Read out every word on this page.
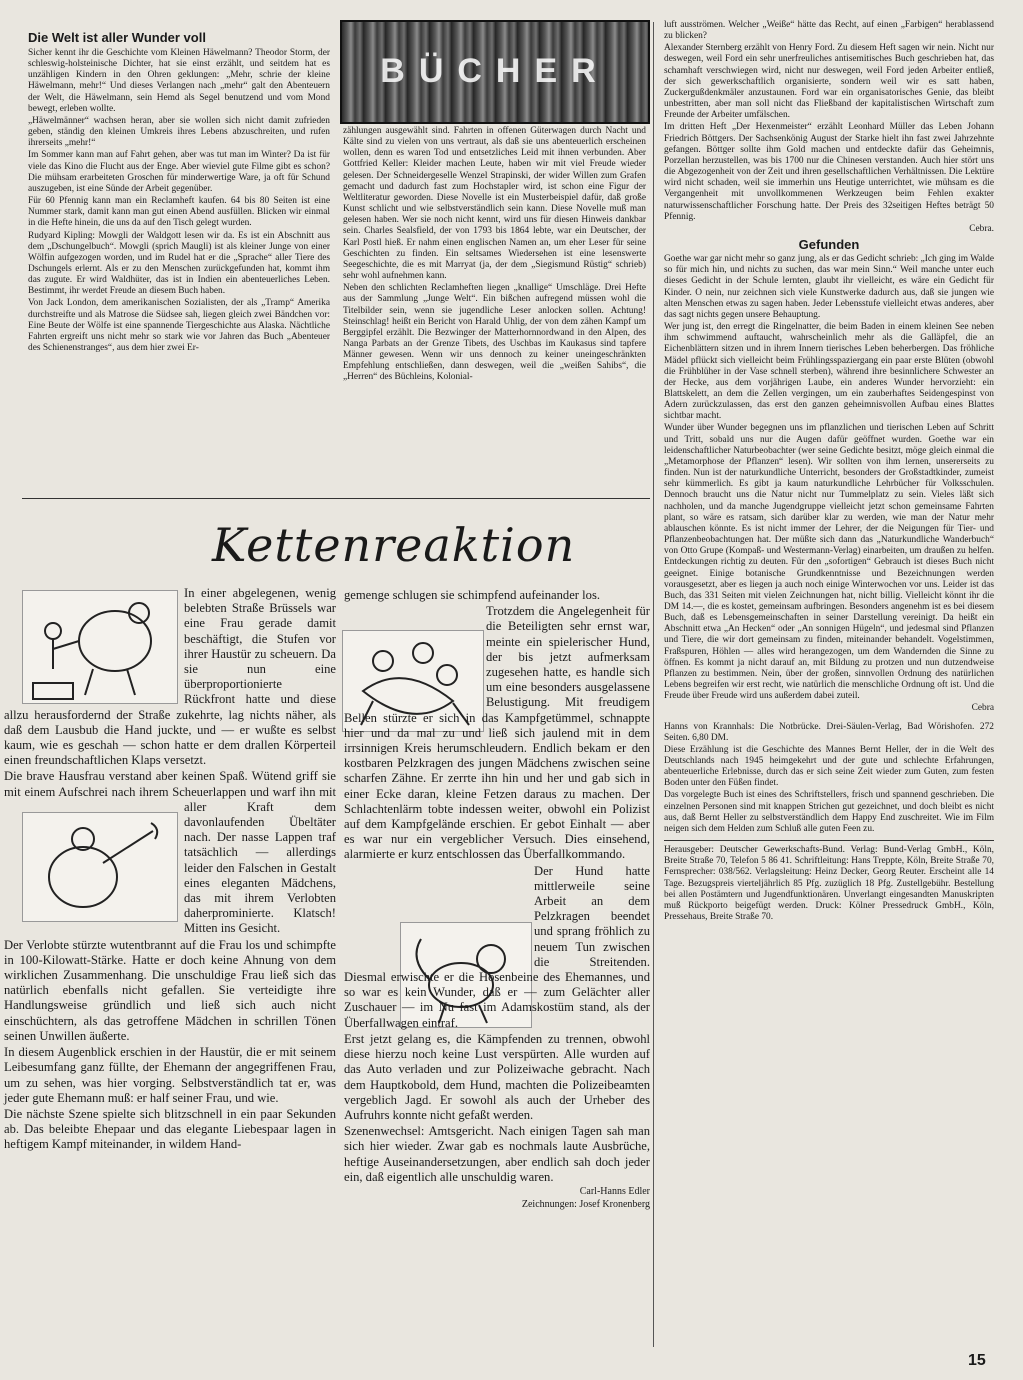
Die Welt ist aller Wunder voll

Sicher kennt ihr die Geschichte vom Kleinen Häwelmann? Theodor Storm, der schleswig-holsteinische Dichter, hat sie einst erzählt, und seitdem hat es unzähligen Kindern in den Ohren geklungen: „Mehr, schrie der kleine Häwelmann, mehr!“ Und dieses Verlangen nach „mehr“ galt den Abenteuern der Welt, die Häwelmann, sein Hemd als Segel benutzend und vom Mond bewegt, erleben wollte.

„Häwelmänner“ wachsen heran, aber sie wollen sich nicht damit zufrieden geben, ständig den kleinen Umkreis ihres Lebens abzuschreiten, und rufen ihrerseits „mehr!“

Im Sommer kann man auf Fahrt gehen, aber was tut man im Winter? Da ist für viele das Kino die Flucht aus der Enge. Aber wieviel gute Filme gibt es schon? Die mühsam erarbeiteten Groschen für minderwertige Ware, ja oft für Schund auszugeben, ist eine Sünde der Arbeit gegenüber.

Für 60 Pfennig kann man ein Reclamheft kaufen. 64 bis 80 Seiten ist eine Nummer stark, damit kann man gut einen Abend ausfüllen. Blicken wir einmal in die Hefte hinein, die uns da auf den Tisch gelegt wurden.

Rudyard Kipling: Mowgli der Waldgott lesen wir da. Es ist ein Abschnitt aus dem „Dschungelbuch“. Mowgli (sprich Maugli) ist als kleiner Junge von einer Wölfin aufgezogen worden, und im Rudel hat er die „Sprache“ aller Tiere des Dschungels erlernt. Als er zu den Menschen zurückgefunden hat, kommt ihm das zugute. Er wird Waldhüter, das ist in Indien ein abenteuerliches Leben. Bestimmt, ihr werdet Freude an diesem Buch haben.

Von Jack London, dem amerikanischen Sozialisten, der als „Tramp“ Amerika durchstreifte und als Matrose die Südsee sah, liegen gleich zwei Bändchen vor: Eine Beute der Wölfe ist eine spannende Tiergeschichte aus Alaska. Nächtliche Fahrten ergreift uns nicht mehr so stark wie vor Jahren das Buch „Abenteuer des Schienenstranges“, aus dem hier zwei Er-

BÜCHER

zählungen ausgewählt sind. Fahrten in offenen Güterwagen durch Nacht und Kälte sind zu vielen von uns vertraut, als daß sie uns abenteuerlich erscheinen wollen, denn es waren Tod und entsetzliches Leid mit ihnen verbunden. Aber Gottfried Keller: Kleider machen Leute, haben wir mit viel Freude wieder gelesen. Der Schneidergeselle Wenzel Strapinski, der wider Willen zum Grafen gemacht und dadurch fast zum Hochstapler wird, ist schon eine Figur der Weltliteratur geworden. Diese Novelle ist ein Musterbeispiel dafür, daß große Kunst schlicht und wie selbstverständlich sein kann. Diese Novelle muß man gelesen haben. Wer sie noch nicht kennt, wird uns für diesen Hinweis dankbar sein. Charles Sealsfield, der von 1793 bis 1864 lebte, war ein Deutscher, der Karl Postl hieß. Er nahm einen englischen Namen an, um eher Leser für seine Geschichten zu finden. Ein seltsames Wiedersehen ist eine lesenswerte Seegeschichte, die es mit Marryat (ja, der dem „Siegismund Rüstig“ schrieb) sehr wohl aufnehmen kann.

Neben den schlichten Reclamheften liegen „knallige“ Umschläge. Drei Hefte aus der Sammlung „Junge Welt“. Ein bißchen aufregend müssen wohl die Titelbilder sein, wenn sie jugendliche Leser anlocken sollen. Achtung! Steinschlag! heißt ein Bericht von Harald Uhlig, der von dem zähen Kampf um Berggipfel erzählt. Die Bezwinger der Matterhornnordwand in den Alpen, des Nanga Parbats an der Grenze Tibets, des Uschbas im Kaukasus sind tapfere Männer gewesen. Wenn wir uns dennoch zu keiner uneingeschränkten Empfehlung entschließen, dann deswegen, weil die „weißen Sahibs“, die „Herren“ des Büchleins, Kolonial-

luft ausströmen. Welcher „Weiße“ hätte das Recht, auf einen „Farbigen“ herablassend zu blicken?

Alexander Sternberg erzählt von Henry Ford. Zu diesem Heft sagen wir nein. Nicht nur deswegen, weil Ford ein sehr unerfreuliches antisemitisches Buch geschrieben hat, das schamhaft verschwiegen wird, nicht nur deswegen, weil Ford jeden Arbeiter entließ, der sich gewerkschaftlich organisierte, sondern weil wir es satt haben, Zuckergußdenkmäler anzustaunen. Ford war ein organisatorisches Genie, das bleibt unbestritten, aber man soll nicht das Fließband der kapitalistischen Wirtschaft zum Freunde der Arbeiter umfälschen.

Im dritten Heft „Der Hexenmeister“ erzählt Leonhard Müller das Leben Johann Friedrich Böttgers. Der Sachsenkönig August der Starke hielt ihn fast zwei Jahrzehnte gefangen. Böttger sollte ihm Gold machen und entdeckte dafür das Geheimnis, Porzellan herzustellen, was bis 1700 nur die Chinesen verstanden. Auch hier stört uns die Abgezogenheit von der Zeit und ihren gesellschaftlichen Verhältnissen. Die Lektüre wird nicht schaden, weil sie immerhin uns Heutige unterrichtet, wie mühsam es die Vergangenheit mit unvollkommenen Werkzeugen beim Fehlen exakter naturwissenschaftlicher Forschung hatte. Der Preis des 32seitigen Heftes beträgt 50 Pfennig.

Cebra.

Gefunden

Goethe war gar nicht mehr so ganz jung, als er das Gedicht schrieb: „Ich ging im Walde so für mich hin, und nichts zu suchen, das war mein Sinn.“ Weil manche unter euch dieses Gedicht in der Schule lernten, glaubt ihr vielleicht, es wäre ein Gedicht für Kinder. O nein, nur zeichnen sich viele Kunstwerke dadurch aus, daß sie jungen wie alten Menschen etwas zu sagen haben. Jeder Lebensstufe vielleicht etwas anderes, aber das sagt nichts gegen unsere Behauptung.

Wer jung ist, den erregt die Ringelnatter, die beim Baden in einem kleinen See neben ihm schwimmend auftaucht, wahrscheinlich mehr als die Galläpfel, die an Eichenblättern sitzen und in ihrem Innern tierisches Leben beherbergen. Das fröhliche Mädel pflückt sich vielleicht beim Frühlingsspaziergang ein paar erste Blüten (obwohl die Frühblüher in der Vase schnell sterben), während ihre besinnlichere Schwester an der Hecke, aus dem vorjährigen Laube, ein anderes Wunder hervorzieht: ein Blattskelett, an dem die Zellen vergingen, um ein zauberhaftes Seidengespinst von Adern zurückzulassen, das erst den ganzen geheimnisvollen Aufbau eines Blattes sichtbar macht.

Wunder über Wunder begegnen uns im pflanzlichen und tierischen Leben auf Schritt und Tritt, sobald uns nur die Augen dafür geöffnet wurden. Goethe war ein leidenschaftlicher Naturbeobachter (wer seine Gedichte besitzt, möge gleich einmal die „Metamorphose der Pflanzen“ lesen). Wir sollten von ihm lernen, unsererseits zu finden. Nun ist der naturkundliche Unterricht, besonders der Großstadtkinder, zumeist sehr kümmerlich. Es gibt ja kaum naturkundliche Lehrbücher für Volksschulen. Dennoch braucht uns die Natur nicht nur Tummelplatz zu sein. Vieles läßt sich nachholen, und da manche Jugendgruppe vielleicht jetzt schon gemeinsame Fahrten plant, so wäre es ratsam, sich darüber klar zu werden, wie man der Natur mehr ablauschen könnte. Es ist nicht immer der Lehrer, der die Neigungen für Tier- und Pflanzenbeobachtungen hat. Der müßte sich dann das „Naturkundliche Wanderbuch“ von Otto Grupe (Kompaß- und Westermann-Verlag) einarbeiten, um draußen zu helfen. Entdeckungen richtig zu deuten. Für den „sofortigen“ Gebrauch ist dieses Buch nicht geeignet. Einige botanische Grundkenntnisse und Bezeichnungen werden vorausgesetzt, aber es liegen ja auch noch einige Winterwochen vor uns. Leider ist das Buch, das 331 Seiten mit vielen Zeichnungen hat, nicht billig. Vielleicht könnt ihr die DM 14.—, die es kostet, gemeinsam aufbringen. Besonders angenehm ist es bei diesem Buch, daß es Lebensgemeinschaften in seiner Darstellung vereinigt. Da heißt ein Abschnitt etwa „An Hecken“ oder „An sonnigen Hügeln“, und jedesmal sind Pflanzen und Tiere, die wir dort gemeinsam zu finden, miteinander behandelt. Vogelstimmen, Fraßspuren, Höhlen — alles wird herangezogen, um dem Wandernden die Sinne zu öffnen. Es kommt ja nicht darauf an, mit Bildung zu protzen und nun dutzendweise Pflanzen zu bestimmen. Nein, über der großen, sinnvollen Ordnung des natürlichen Lebens begreifen wir erst recht, wie natürlich die menschliche Ordnung oft ist. Und die Freude über Freude wird uns außerdem dabei zuteil.

Cebra

Hanns von Krannhals: Die Notbrücke. Drei-Säulen-Verlag, Bad Wörishofen. 272 Seiten. 6,80 DM.

Diese Erzählung ist die Geschichte des Mannes Bernt Heller, der in die Welt des Deutschlands nach 1945 heimgekehrt und der gute und schlechte Erfahrungen, abenteuerliche Erlebnisse, durch das er sich seine Zeit wieder zum Guten, zum festen Boden unter den Füßen findet.

Das vorgelegte Buch ist eines des Schriftstellers, frisch und spannend geschrieben. Die einzelnen Personen sind mit knappen Strichen gut gezeichnet, und doch bleibt es nicht aus, daß Bernt Heller zu selbstverständlich dem Happy End zuschreitet. Wie im Film neigen sich dem Helden zum Schluß alle guten Feen zu.

Herausgeber: Deutscher Gewerkschafts-Bund. Verlag: Bund-Verlag GmbH., Köln, Breite Straße 70, Telefon 5 86 41. Schriftleitung: Hans Treppte, Köln, Breite Straße 70, Fernsprecher: 038/562. Verlagsleitung: Heinz Decker, Georg Reuter. Erscheint alle 14 Tage. Bezugspreis vierteljährlich 85 Pfg. zuzüglich 18 Pfg. Zustellgebühr. Bestellung bei allen Postämtern und Jugendfunktionären. Unverlangt eingesandten Manuskripten muß Rückporto beigefügt werden. Druck: Kölner Pressedruck GmbH., Köln, Pressehaus, Breite Straße 70.

Kettenreaktion

In einer abgelegenen, wenig belebten Straße Brüssels war eine Frau gerade damit beschäftigt, die Stufen vor ihrer Haustür zu scheuern. Da sie nun eine überproportionierte Rückfront hatte und diese allzu herausfordernd der Straße zukehrte, lag nichts näher, als daß dem Lausbub die Hand juckte, und — er wußte es selbst kaum, wie es geschah — schon hatte er dem drallen Körperteil einen freundschaftlichen Klaps versetzt.

Die brave Hausfrau verstand aber keinen Spaß. Wütend griff sie mit einem Aufschrei nach ihrem Scheuerlappen und warf ihn mit aller Kraft dem davonlaufenden Übeltäter nach. Der nasse Lappen traf tatsächlich — allerdings leider den Falschen in Gestalt eines eleganten Mädchens, das mit ihrem Verlobten daherprominierte. Klatsch! Mitten ins Gesicht.

Der Verlobte stürzte wutentbrannt auf die Frau los und schimpfte in 100-Kilowatt-Stärke. Hatte er doch keine Ahnung von dem wirklichen Zusammenhang. Die unschuldige Frau ließ sich das natürlich ebenfalls nicht gefallen. Sie verteidigte ihre Handlungsweise gründlich und ließ sich auch nicht einschüchtern, als das getroffene Mädchen in schrillen Tönen seinen Unwillen äußerte.

In diesem Augenblick erschien in der Haustür, die er mit seinem Leibesumfang ganz füllte, der Ehemann der angegriffenen Frau, um zu sehen, was hier vorging. Selbstverständlich tat er, was jeder gute Ehemann muß: er half seiner Frau, und wie.

Die nächste Szene spielte sich blitzschnell in ein paar Sekunden ab. Das beleibte Ehepaar und das elegante Liebespaar lagen in heftigem Kampf miteinander, in wildem Hand-

gemenge schlugen sie schimpfend aufeinander los.

Trotzdem die Angelegenheit für die Beteiligten sehr ernst war, meinte ein spielerischer Hund, der bis jetzt aufmerksam zugesehen hatte, es handle sich um eine besonders ausgelassene Belustigung. Mit freudigem Bellen stürzte er sich in das Kampfgetümmel, schnappte hier und da mal zu und ließ sich jaulend mit in dem irrsinnigen Kreis herumschleudern. Endlich bekam er den kostbaren Pelzkragen des jungen Mädchens zwischen seine scharfen Zähne. Er zerrte ihn hin und her und gab sich in einer Ecke daran, kleine Fetzen daraus zu machen. Der Schlachtenlärm tobte indessen weiter, obwohl ein Polizist auf dem Kampfgelände erschien. Er gebot Einhalt — aber es war nur ein vergeblicher Versuch. Dies einsehend, alarmierte er kurz entschlossen das Überfallkommando.

Der Hund hatte mittlerweile seine Arbeit an dem Pelzkragen beendet und sprang fröhlich zu neuem Tun zwischen die Streitenden. Diesmal erwischte er die Hosenbeine des Ehemannes, und so war es kein Wunder, daß er — zum Gelächter aller Zuschauer — im Nu fast im Adamskostüm stand, als der Überfallwagen eintraf.

Erst jetzt gelang es, die Kämpfenden zu trennen, obwohl diese hierzu noch keine Lust verspürten. Alle wurden auf das Auto verladen und zur Polizeiwache gebracht. Nach dem Hauptkobold, dem Hund, machten die Polizeibeamten vergeblich Jagd. Er sowohl als auch der Urheber des Aufruhrs konnte nicht gefaßt werden.

Szenenwechsel: Amtsgericht. Nach einigen Tagen sah man sich hier wieder. Zwar gab es nochmals laute Ausbrüche, heftige Auseinandersetzungen, aber endlich sah doch jeder ein, daß eigentlich alle unschuldig waren.

Carl-Hanns Edler

Zeichnungen: Josef Kronenberg

15
